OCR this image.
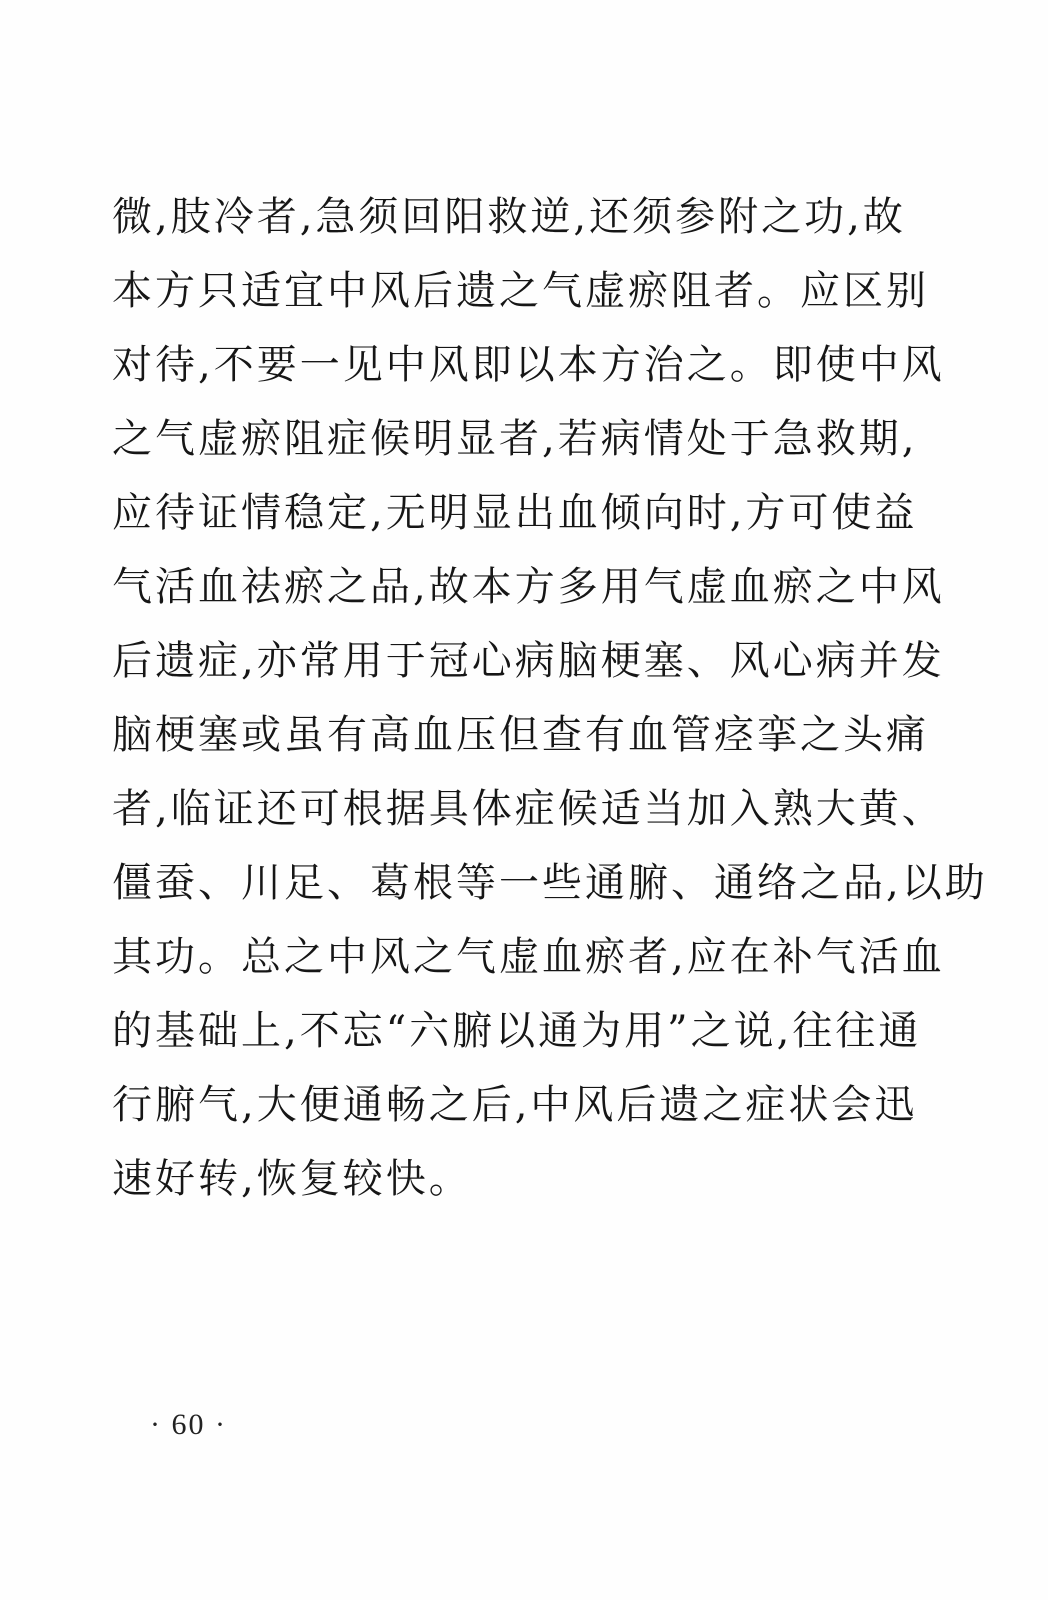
微,肢冷者,急须回阳救逆,还须参附之功,故
本方只适宜中风后遗之气虚瘀阻者。应区别
对待,不要一见中风即以本方治之。即使中风
之气虚瘀阻症候明显者,若病情处于急救期,
应待证情稳定,无明显出血倾向时,方可使益
气活血祛瘀之品,故本方多用气虚血瘀之中风
后遗症,亦常用于冠心病脑梗塞、风心病并发
脑梗塞或虽有高血压但查有血管痉挛之头痛
者,临证还可根据具体症候适当加入熟大黄、
僵蚕、川足、葛根等一些通腑、通络之品,以助
其功。总之中风之气虚血瘀者,应在补气活血
的基础上,不忘“六腑以通为用”之说,往往通
行腑气,大便通畅之后,中风后遗之症状会迅
速好转,恢复较快。
· 60 ·
